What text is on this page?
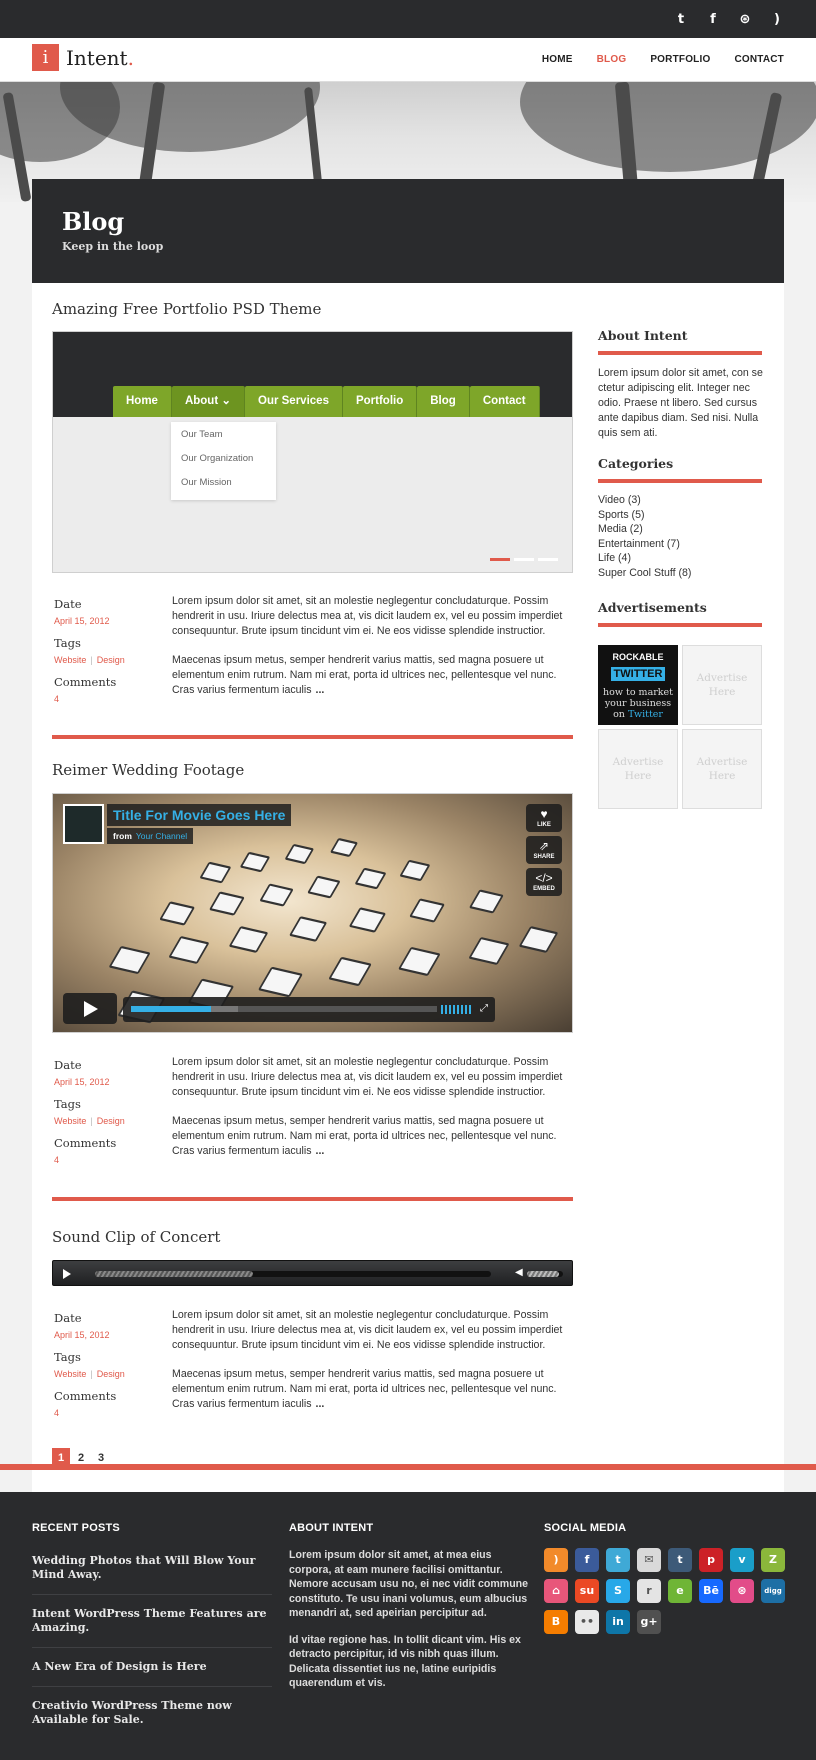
t	f	⊛	)
i Intent.	HOME BLOG PORTFOLIO CONTACT
Blog
Keep in the loop
Amazing Free Portfolio PSD Theme
Home	About ⌄	Our Services	Portfolio	Blog	Contact
Our Team
Our Organization
Our Mission
Date
April 15, 2012
Tags
Website | Design
Comments
4

Lorem ipsum dolor sit amet, sit an molestie neglegentur concludaturque. Possim hendrerit in usu. Iriure delectus mea at, vis dicit laudem ex, vel eu possim imperdiet consequuntur. Brute ipsum tincidunt vim ei. Ne eos vidisse splendide instructior.

Maecenas ipsum metus, semper hendrerit varius mattis, sed magna posuere ut elementum enim rutrum. Nam mi erat, porta id ultrices nec, pellentesque vel nunc. Cras varius fermentum iaculis ...

Reimer Wedding Footage
Title For Movie Goes Here
from Your Channel
♥
LIKE
⇗
SHARE
</>
EMBED
⤢
Date
April 15, 2012
Tags
Website | Design
Comments
4

Lorem ipsum dolor sit amet, sit an molestie neglegentur concludaturque. Possim hendrerit in usu. Iriure delectus mea at, vis dicit laudem ex, vel eu possim imperdiet consequuntur. Brute ipsum tincidunt vim ei. Ne eos vidisse splendide instructior.

Maecenas ipsum metus, semper hendrerit varius mattis, sed magna posuere ut elementum enim rutrum. Nam mi erat, porta id ultrices nec, pellentesque vel nunc. Cras varius fermentum iaculis ...

Sound Clip of Concert
◀
Date
April 15, 2012
Tags
Website | Design
Comments
4

Lorem ipsum dolor sit amet, sit an molestie neglegentur concludaturque. Possim hendrerit in usu. Iriure delectus mea at, vis dicit laudem ex, vel eu possim imperdiet consequuntur. Brute ipsum tincidunt vim ei. Ne eos vidisse splendide instructior.

Maecenas ipsum metus, semper hendrerit varius mattis, sed magna posuere ut elementum enim rutrum. Nam mi erat, porta id ultrices nec, pellentesque vel nunc. Cras varius fermentum iaculis ...

1	2	3
About Intent
Lorem ipsum dolor sit amet, con se ctetur adipiscing elit. Integer nec odio. Praese nt libero. Sed cursus ante dapibus diam. Sed nisi. Nulla quis sem ati.
Categories
Video (3)
Sports (5)
Media (2)
Entertainment (7)
Life (4)
Super Cool Stuff (8)
Advertisements
ROCKABLE
TWITTER
how to market your business on Twitter
Advertise Here
Advertise Here
Advertise Here
RECENT POSTS
Wedding Photos that Will Blow Your Mind Away.
Intent WordPress Theme Features are Amazing.
A New Era of Design is Here
Creativio WordPress Theme now Available for Sale.
ABOUT INTENT

Lorem ipsum dolor sit amet, at mea eius corpora, at eam munere facilisi omittantur. Nemore accusam usu no, ei nec vidit commune constituto. Te usu inani volumus, eum albucius menandri at, sed apeirian percipitur ad.

Id vitae regione has. In tollit dicant vim. His ex detracto percipitur, id vis nibh quas illum. Delicata dissentiet ius ne, latine euripidis quaerendum et vis.

SOCIAL MEDIA
)	f	t	✉	t	p	v	Z
⌂	su	S	r	e	Bē	⊛	digg
B	••	in	g+
